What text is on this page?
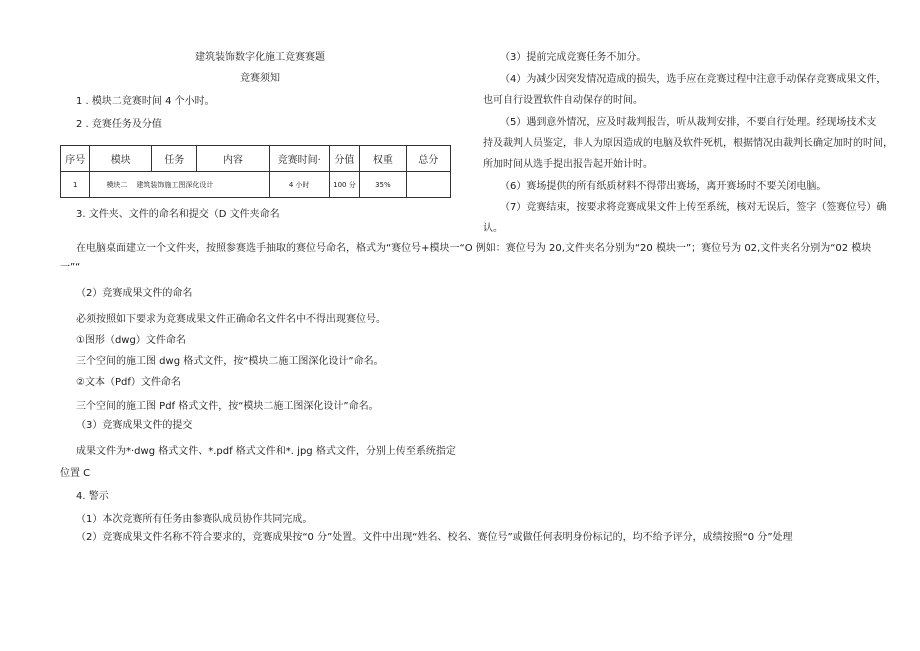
建筑装饰数字化施工竞赛赛题
竞赛须知
1 . 模块二竞赛时间 4 个小时。
2 . 竞赛任务及分值
序号	模块	任务	内容	竞赛时间·	分值	权重	总分
1	模块二 建筑装饰施工图深化设计			4 小时	100 分	35%	
3. 文件夹、文件的命名和提交（D 文件夹命名
在电脑桌面建立一个文件夹，按照参赛选手抽取的赛位号命名，格式为“赛位号+模块一“O 例如：赛位号为 20,文件夹名分别为“20 模块一”；赛位号为 02,文件夹名分别为“02 模块
一”“
（2）竞赛成果文件的命名
必须按照如下要求为竞赛成果文件正确命名文件名中不得出现赛位号。
①图形（dwg）文件命名
三个空间的施工图 dwg 格式文件，按“模块二施工图深化设计”命名。
②文本（Pdf）文件命名
三个空间的施工图 Pdf 格式文件，按“模块二施工图深化设计”命名。
（3）竞赛成果文件的提交
成果文件为*·dwg 格式文件、*.pdf 格式文件和*. jpg 格式文件，分别上传至系统指定
位置 C
4. 警示
（1）本次竞赛所有任务由参赛队成员协作共同完成。
（2）竞赛成果文件名称不符合要求的，竞赛成果按“0 分”处置。文件中出现“姓名、校名、赛位号”或做任何表明身份标记的，均不给予评分，成绩按照“0 分”处理
（3）提前完成竞赛任务不加分。
（4）为减少因突发情况造成的损失，选手应在竞赛过程中注意手动保存竞赛成果文件，
也可自行设置软件自动保存的时间。
（5）遇到意外情况，应及时裁判报告，听从裁判安排，不要自行处理。经现场技术支
持及裁判人员鉴定，非人为原因造成的电脑及软件死机，根据情况由裁判长确定加时的时间，
所加时间从选手提出报告起开始计时。
（6）赛场提供的所有纸质材料不得带出赛场，离开赛场时不要关闭电脑。
（7）竞赛结束，按要求将竞赛成果文件上传至系统，核对无误后，签字（签赛位号）确
认。
